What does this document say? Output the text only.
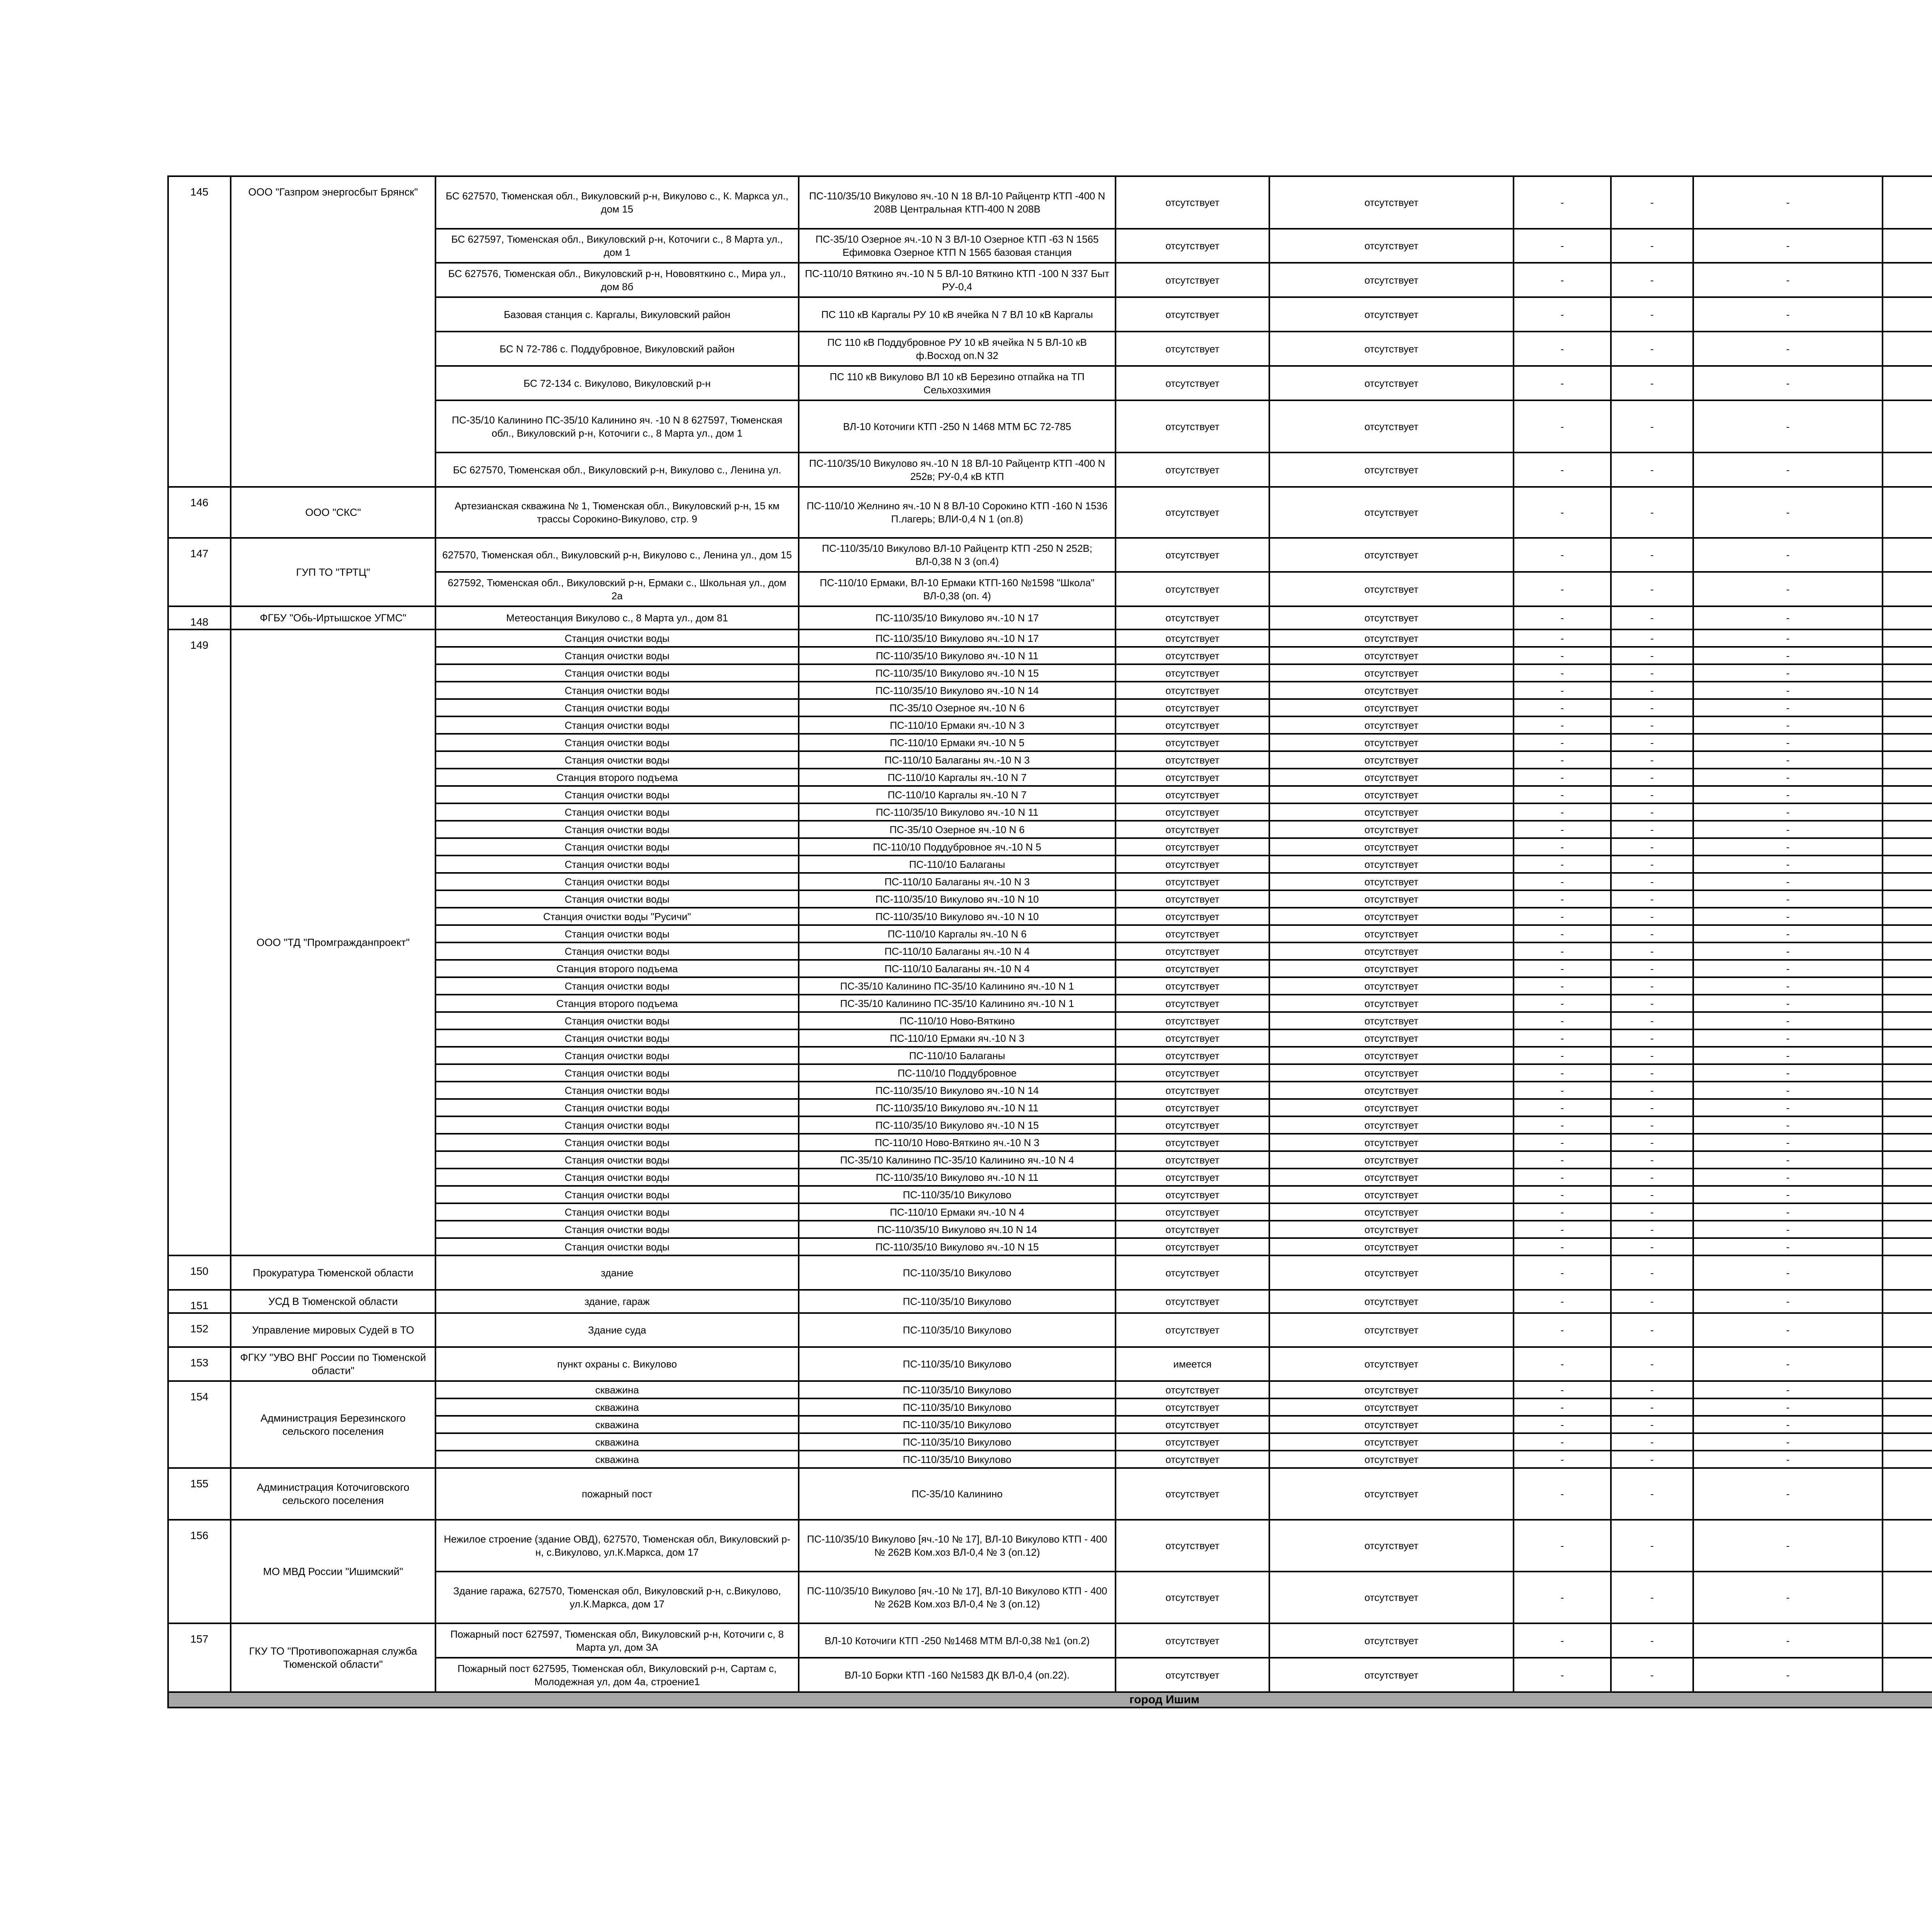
145	ООО "Газпром энергосбыт Брянск"	БС 627570, Тюменская обл., Викуловский р-н, Викулово с., К. Маркса ул., дом 15	ПС-110/35/10 Викулово яч.-10 N 18 ВЛ-10 Райцентр КТП -400 N 208В Центральная КТП-400 N 208В	отсутствует	отсутствует	-	-	-		
		БС 627597, Тюменская обл., Викуловский р-н, Коточиги с., 8 Марта ул., дом 1	ПС-35/10 Озерное яч.-10 N 3 ВЛ-10 Озерное КТП -63 N 1565 Ефимовка Озерное КТП N 1565 базовая станция	отсутствует	отсутствует	-	-	-		
		БС 627576, Тюменская обл., Викуловский р-н, Нововяткино с., Мира ул., дом 8б	ПС-110/10 Вяткино яч.-10 N 5 ВЛ-10 Вяткино КТП -100 N 337 Быт РУ-0,4	отсутствует	отсутствует	-	-	-		
		Базовая станция с. Каргалы, Викуловский район	ПС 110 кВ Каргалы РУ 10 кВ ячейка N 7 ВЛ 10 кВ Каргалы	отсутствует	отсутствует	-	-	-		
		БС N 72-786 с. Поддубровное, Викуловский район	ПС 110 кВ Поддубровное РУ 10 кВ ячейка N 5 ВЛ-10 кВ ф.Восход оп.N 32	отсутствует	отсутствует	-	-	-		
		БС 72-134 с. Викулово, Викуловский р-н	ПС 110 кВ Викулово ВЛ 10 кВ Березино отпайка на ТП Сельхозхимия	отсутствует	отсутствует	-	-	-		
		ПС-35/10 Калинино ПС-35/10 Калинино яч. -10 N 8 627597, Тюменская обл., Викуловский р-н, Коточиги с., 8 Марта ул., дом 1	ВЛ-10 Коточиги КТП -250 N 1468 МТМ БС 72-785	отсутствует	отсутствует	-	-	-		
		БС 627570, Тюменская обл., Викуловский р-н, Викулово с., Ленина ул.	ПС-110/35/10 Викулово яч.-10 N 18 ВЛ-10 Райцентр КТП -400 N 252в; РУ-0,4 кВ КТП	отсутствует	отсутствует	-	-	-		
146	ООО "СКС"	Артезианская скважина № 1, Тюменская обл., Викуловский р-н, 15 км трассы Сорокино-Викулово, стр. 9	ПС-110/10 Желнино яч.-10 N 8 ВЛ-10 Сорокино КТП -160 N 1536 П.лагерь; ВЛИ-0,4 N 1 (оп.8)	отсутствует	отсутствует	-	-	-		
147	ГУП ТО "ТРТЦ"	627570, Тюменская обл., Викуловский р-н, Викулово с., Ленина ул., дом 15	ПС-110/35/10 Викулово ВЛ-10 Райцентр КТП -250 N 252В; ВЛ-0,38 N 3 (оп.4)	отсутствует	отсутствует	-	-	-		
		627592, Тюменская обл., Викуловский р-н, Ермаки с., Школьная ул., дом 2а	ПС-110/10 Ермаки, ВЛ-10 Ермаки КТП-160 №1598 "Школа" ВЛ-0,38 (оп. 4)	отсутствует	отсутствует	-	-	-		
148	ФГБУ "Обь-Иртышское УГМС"	Метеостанция Викулово с., 8 Марта ул., дом 81	ПС-110/35/10 Викулово яч.-10 N 17	отсутствует	отсутствует	-	-	-		
149	ООО "ТД "Промгражданпроект"	Станция очистки воды	ПС-110/35/10 Викулово яч.-10 N 17	отсутствует	отсутствует	-	-	-		
		Станция очистки воды	ПС-110/35/10 Викулово яч.-10 N 11	отсутствует	отсутствует	-	-	-		
		Станция очистки воды	ПС-110/35/10 Викулово яч.-10 N 15	отсутствует	отсутствует	-	-	-		
		Станция очистки воды	ПС-110/35/10 Викулово яч.-10 N 14	отсутствует	отсутствует	-	-	-		
		Станция очистки воды	ПС-35/10 Озерное яч.-10 N 6	отсутствует	отсутствует	-	-	-		
		Станция очистки воды	ПС-110/10 Ермаки яч.-10 N 3	отсутствует	отсутствует	-	-	-		
		Станция очистки воды	ПС-110/10 Ермаки яч.-10 N 5	отсутствует	отсутствует	-	-	-		
		Станция очистки воды	ПС-110/10 Балаганы яч.-10 N 3	отсутствует	отсутствует	-	-	-		
		Станция второго подъема	ПС-110/10 Каргалы яч.-10 N 7	отсутствует	отсутствует	-	-	-		
		Станция очистки воды	ПС-110/10 Каргалы яч.-10 N 7	отсутствует	отсутствует	-	-	-		
		Станция очистки воды	ПС-110/35/10 Викулово яч.-10 N 11	отсутствует	отсутствует	-	-	-		
		Станция очистки воды	ПС-35/10 Озерное яч.-10 N 6	отсутствует	отсутствует	-	-	-		
		Станция очистки воды	ПС-110/10 Поддубровное яч.-10 N 5	отсутствует	отсутствует	-	-	-		
		Станция очистки воды	ПС-110/10 Балаганы	отсутствует	отсутствует	-	-	-		
		Станция очистки воды	ПС-110/10 Балаганы яч.-10 N 3	отсутствует	отсутствует	-	-	-		
		Станция очистки воды	ПС-110/35/10 Викулово яч.-10 N 10	отсутствует	отсутствует	-	-	-		
		Станция очистки воды "Русичи"	ПС-110/35/10 Викулово яч.-10 N 10	отсутствует	отсутствует	-	-	-		
		Станция очистки воды	ПС-110/10 Каргалы яч.-10 N 6	отсутствует	отсутствует	-	-	-		
		Станция очистки воды	ПС-110/10 Балаганы яч.-10 N 4	отсутствует	отсутствует	-	-	-		
		Станция второго подъема	ПС-110/10 Балаганы яч.-10 N 4	отсутствует	отсутствует	-	-	-		
		Станция очистки воды	ПС-35/10 Калинино ПС-35/10 Калинино яч.-10 N 1	отсутствует	отсутствует	-	-	-		
		Станция второго подъема	ПС-35/10 Калинино ПС-35/10 Калинино яч.-10 N 1	отсутствует	отсутствует	-	-	-		
		Станция очистки воды	ПС-110/10 Ново-Вяткино	отсутствует	отсутствует	-	-	-		
		Станция очистки воды	ПС-110/10 Ермаки яч.-10 N 3	отсутствует	отсутствует	-	-	-		
		Станция очистки воды	ПС-110/10 Балаганы	отсутствует	отсутствует	-	-	-		
		Станция очистки воды	ПС-110/10 Поддубровное	отсутствует	отсутствует	-	-	-		
		Станция очистки воды	ПС-110/35/10 Викулово яч.-10 N 14	отсутствует	отсутствует	-	-	-		
		Станция очистки воды	ПС-110/35/10 Викулово яч.-10 N 11	отсутствует	отсутствует	-	-	-		
		Станция очистки воды	ПС-110/35/10 Викулово яч.-10 N 15	отсутствует	отсутствует	-	-	-		
		Станция очистки воды	ПС-110/10 Ново-Вяткино яч.-10 N 3	отсутствует	отсутствует	-	-	-		
		Станция очистки воды	ПС-35/10 Калинино ПС-35/10 Калинино яч.-10 N 4	отсутствует	отсутствует	-	-	-		
		Станция очистки воды	ПС-110/35/10 Викулово яч.-10 N 11	отсутствует	отсутствует	-	-	-		
		Станция очистки воды	ПС-110/35/10 Викулово	отсутствует	отсутствует	-	-	-		
		Станция очистки воды	ПС-110/10 Ермаки яч.-10 N 4	отсутствует	отсутствует	-	-	-		
		Станция очистки воды	ПС-110/35/10 Викулово яч.10 N 14	отсутствует	отсутствует	-	-	-		
		Станция очистки воды	ПС-110/35/10 Викулово яч.-10 N 15	отсутствует	отсутствует	-	-	-		
150	Прокуратура Тюменской области	здание	ПС-110/35/10 Викулово	отсутствует	отсутствует	-	-	-		
151	УСД В Тюменской области	здание, гараж	ПС-110/35/10 Викулово	отсутствует	отсутствует	-	-	-		
152	Управление мировых Судей в ТО	Здание суда	ПС-110/35/10 Викулово	отсутствует	отсутствует	-	-	-		
153	ФГКУ "УВО ВНГ России по Тюменской области"	пункт охраны с. Викулово	ПС-110/35/10 Викулово	имеется	отсутствует	-	-	-		
154	Администрация Березинского сельского поселения	скважина	ПС-110/35/10 Викулово	отсутствует	отсутствует	-	-	-		
		скважина	ПС-110/35/10 Викулово	отсутствует	отсутствует	-	-	-		
		скважина	ПС-110/35/10 Викулово	отсутствует	отсутствует	-	-	-		
		скважина	ПС-110/35/10 Викулово	отсутствует	отсутствует	-	-	-		
		скважина	ПС-110/35/10 Викулово	отсутствует	отсутствует	-	-	-		
155	Администрация Коточиговского сельского поселения	пожарный пост	ПС-35/10 Калинино	отсутствует	отсутствует	-	-	-		
156	МО МВД России "Ишимский"	Нежилое строение (здание ОВД), 627570, Тюменская обл, Викуловский р-н, с.Викулово, ул.К.Маркса, дом 17	ПС-110/35/10 Викулово [яч.-10 № 17], ВЛ-10 Викулово КТП - 400 № 262В Ком.хоз ВЛ-0,4 № 3 (оп.12)	отсутствует	отсутствует	-	-	-		
		Здание гаража, 627570, Тюменская обл, Викуловский р-н, с.Викулово, ул.К.Маркса, дом 17	ПС-110/35/10 Викулово [яч.-10 № 17], ВЛ-10 Викулово КТП - 400 № 262В Ком.хоз ВЛ-0,4 № 3 (оп.12)	отсутствует	отсутствует	-	-	-		
157	ГКУ ТО "Противопожарная служба Тюменской области"	Пожарный пост 627597, Тюменская обл, Викуловский р-н, Коточиги с, 8 Марта ул, дом 3А	ВЛ-10 Коточиги КТП -250 №1468 МТМ ВЛ-0,38 №1 (оп.2)	отсутствует	отсутствует	-	-	-		
		Пожарный пост 627595, Тюменская обл, Викуловский р-н, Сартам с, Молодежная ул, дом 4а, строение1	ВЛ-10 Борки КТП -160 №1583 ДК ВЛ-0,4 (оп.22).	отсутствует	отсутствует	-	-	-		
город Ишим										
